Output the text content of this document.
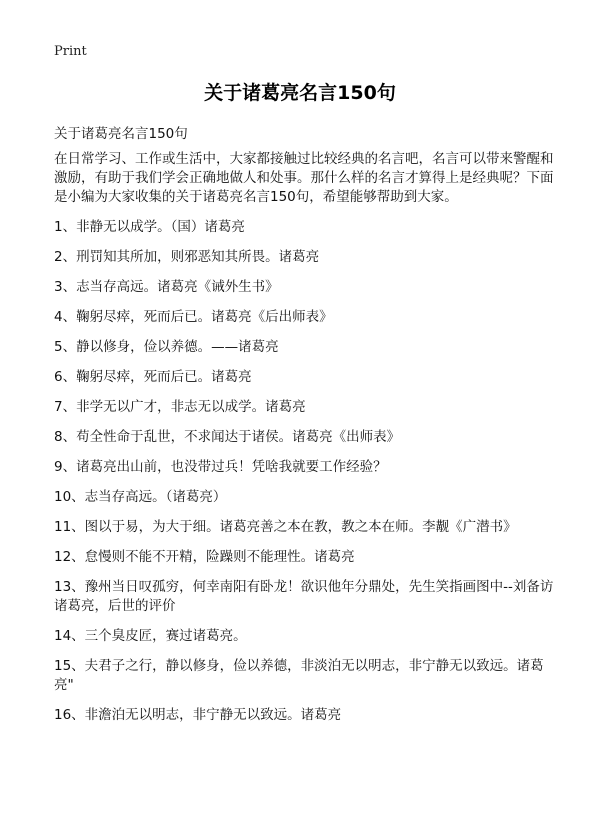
Print
关于诸葛亮名言150句
关于诸葛亮名言150句
在日常学习、工作或生活中，大家都接触过比较经典的名言吧，名言可以带来警醒和激励，有助于我们学会正确地做人和处事。那什么样的名言才算得上是经典呢？下面是小编为大家收集的关于诸葛亮名言150句，希望能够帮助到大家。
1、非静无以成学。（国）诸葛亮
2、刑罚知其所加，则邪恶知其所畏。诸葛亮
3、志当存高远。诸葛亮《诫外生书》
4、鞠躬尽瘁，死而后已。诸葛亮《后出师表》
5、静以修身，俭以养德。——诸葛亮
6、鞠躬尽瘁，死而后已。诸葛亮
7、非学无以广才，非志无以成学。诸葛亮
8、苟全性命于乱世，不求闻达于诸侯。诸葛亮《出师表》
9、诸葛亮出山前，也没带过兵！凭啥我就要工作经验？
10、志当存高远。（诸葛亮）
11、图以于易，为大于细。诸葛亮善之本在教，教之本在师。李觏《广潜书》
12、怠慢则不能不开精，险躁则不能理性。诸葛亮
13、豫州当日叹孤穷，何幸南阳有卧龙！欲识他年分鼎处，先生笑指画图中--刘备访诸葛亮，后世的评价
14、三个臭皮匠，赛过诸葛亮。
15、夫君子之行，静以修身，俭以养德，非淡泊无以明志，非宁静无以致远。诸葛亮"
16、非澹泊无以明志，非宁静无以致远。诸葛亮
